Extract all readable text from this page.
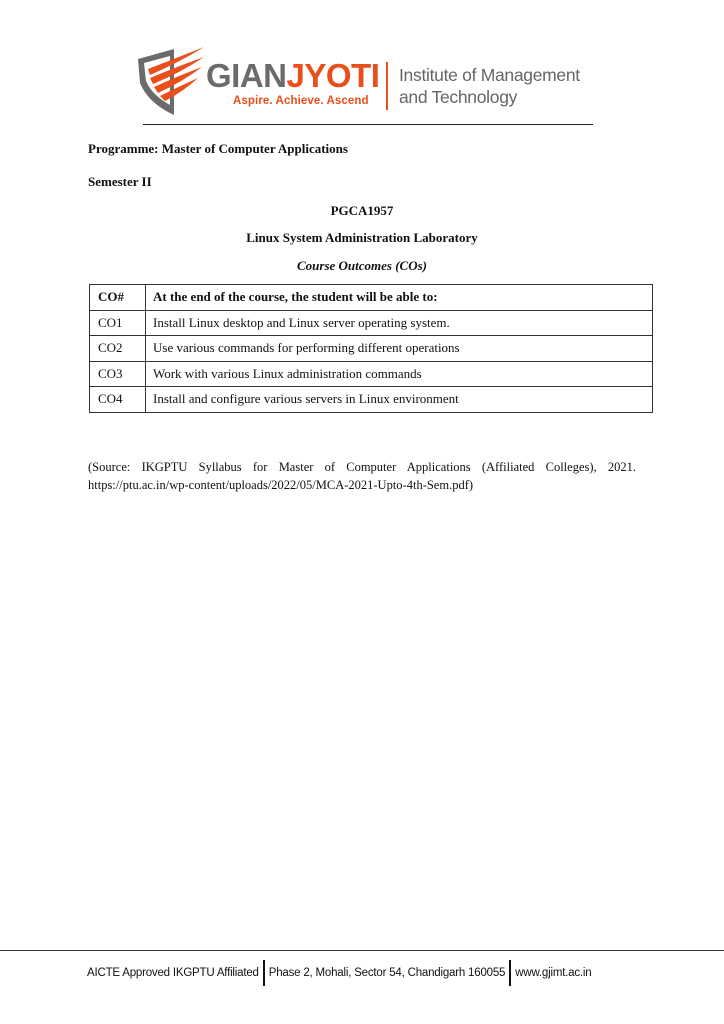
GIANJYOTI
Aspire. Achieve. Ascend
Institute of Management
and Technology
Programme: Master of Computer Applications
Semester II
PGCA1957
Linux System Administration Laboratory
Course Outcomes (COs)
CO#	At the end of the course, the student will be able to:
CO1	Install Linux desktop and Linux server operating system.
CO2	Use various commands for performing different operations
CO3	Work with various Linux administration commands
CO4	Install and configure various servers in Linux environment
(Source: IKGPTU Syllabus for Master of Computer Applications (Affiliated Colleges), 2021. https://ptu.ac.in/wp-content/uploads/2022/05/MCA-2021-Upto-4th-Sem.pdf)
AICTE Approved IKGPTU Affiliated Phase 2, Mohali, Sector 54, Chandigarh 160055 www.gjimt.ac.in
